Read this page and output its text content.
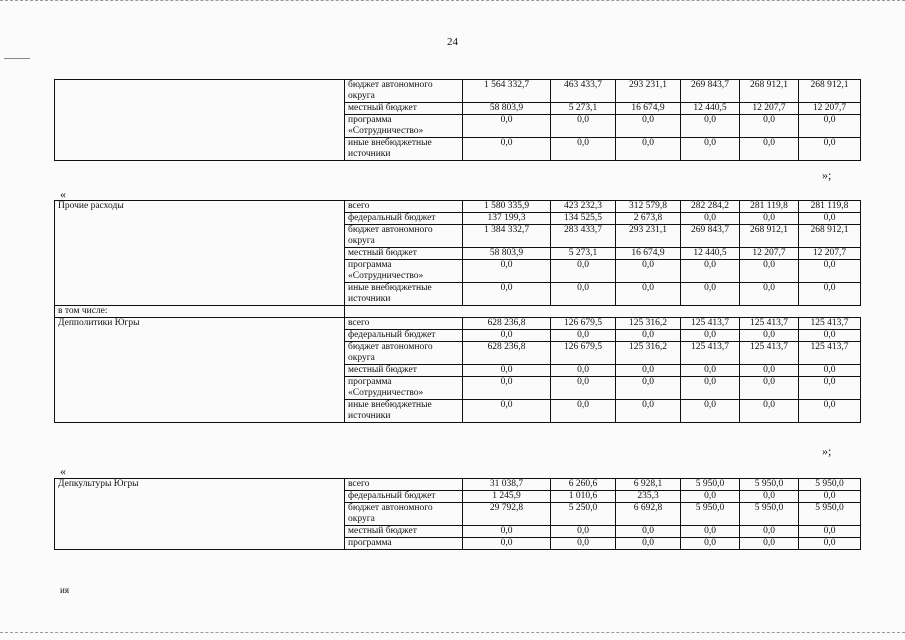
24
	бюджет автономного округа	1 564 332,7	463 433,7	293 231,1	269 843,7	268 912,1	268 912,1
	местный бюджет	58 803,9	5 273,1	16 674,9	12 440,5	12 207,7	12 207,7
	программа «Сотрудничество»	0,0	0,0	0,0	0,0	0,0	0,0
	иные внебюджетные источники	0,0	0,0	0,0	0,0	0,0	0,0
»;
«
Прочие расходы	всего	1 580 335,9	423 232,3	312 579,8	282 284,2	281 119,8	281 119,8
	федеральный бюджет	137 199,3	134 525,5	2 673,8	0,0	0,0	0,0
	бюджет автономного округа	1 384 332,7	283 433,7	293 231,1	269 843,7	268 912,1	268 912,1
	местный бюджет	58 803,9	5 273,1	16 674,9	12 440,5	12 207,7	12 207,7
	программа «Сотрудничество»	0,0	0,0	0,0	0,0	0,0	0,0
	иные внебюджетные источники	0,0	0,0	0,0	0,0	0,0	0,0
в том числе:							
Депполитики Югры	всего	628 236,8	126 679,5	125 316,2	125 413,7	125 413,7	125 413,7
	федеральный бюджет	0,0	0,0	0,0	0,0	0,0	0,0
	бюджет автономного округа	628 236,8	126 679,5	125 316,2	125 413,7	125 413,7	125 413,7
	местный бюджет	0,0	0,0	0,0	0,0	0,0	0,0
	программа «Сотрудничество»	0,0	0,0	0,0	0,0	0,0	0,0
	иные внебюджетные источники	0,0	0,0	0,0	0,0	0,0	0,0
»;
«
Депкультуры Югры	всего	31 038,7	6 260,6	6 928,1	5 950,0	5 950,0	5 950,0
	федеральный бюджет	1 245,9	1 010,6	235,3	0,0	0,0	0,0
	бюджет автономного округа	29 792,8	5 250,0	6 692,8	5 950,0	5 950,0	5 950,0
	местный бюджет	0,0	0,0	0,0	0,0	0,0	0,0
	программа	0,0	0,0	0,0	0,0	0,0	0,0
ия
